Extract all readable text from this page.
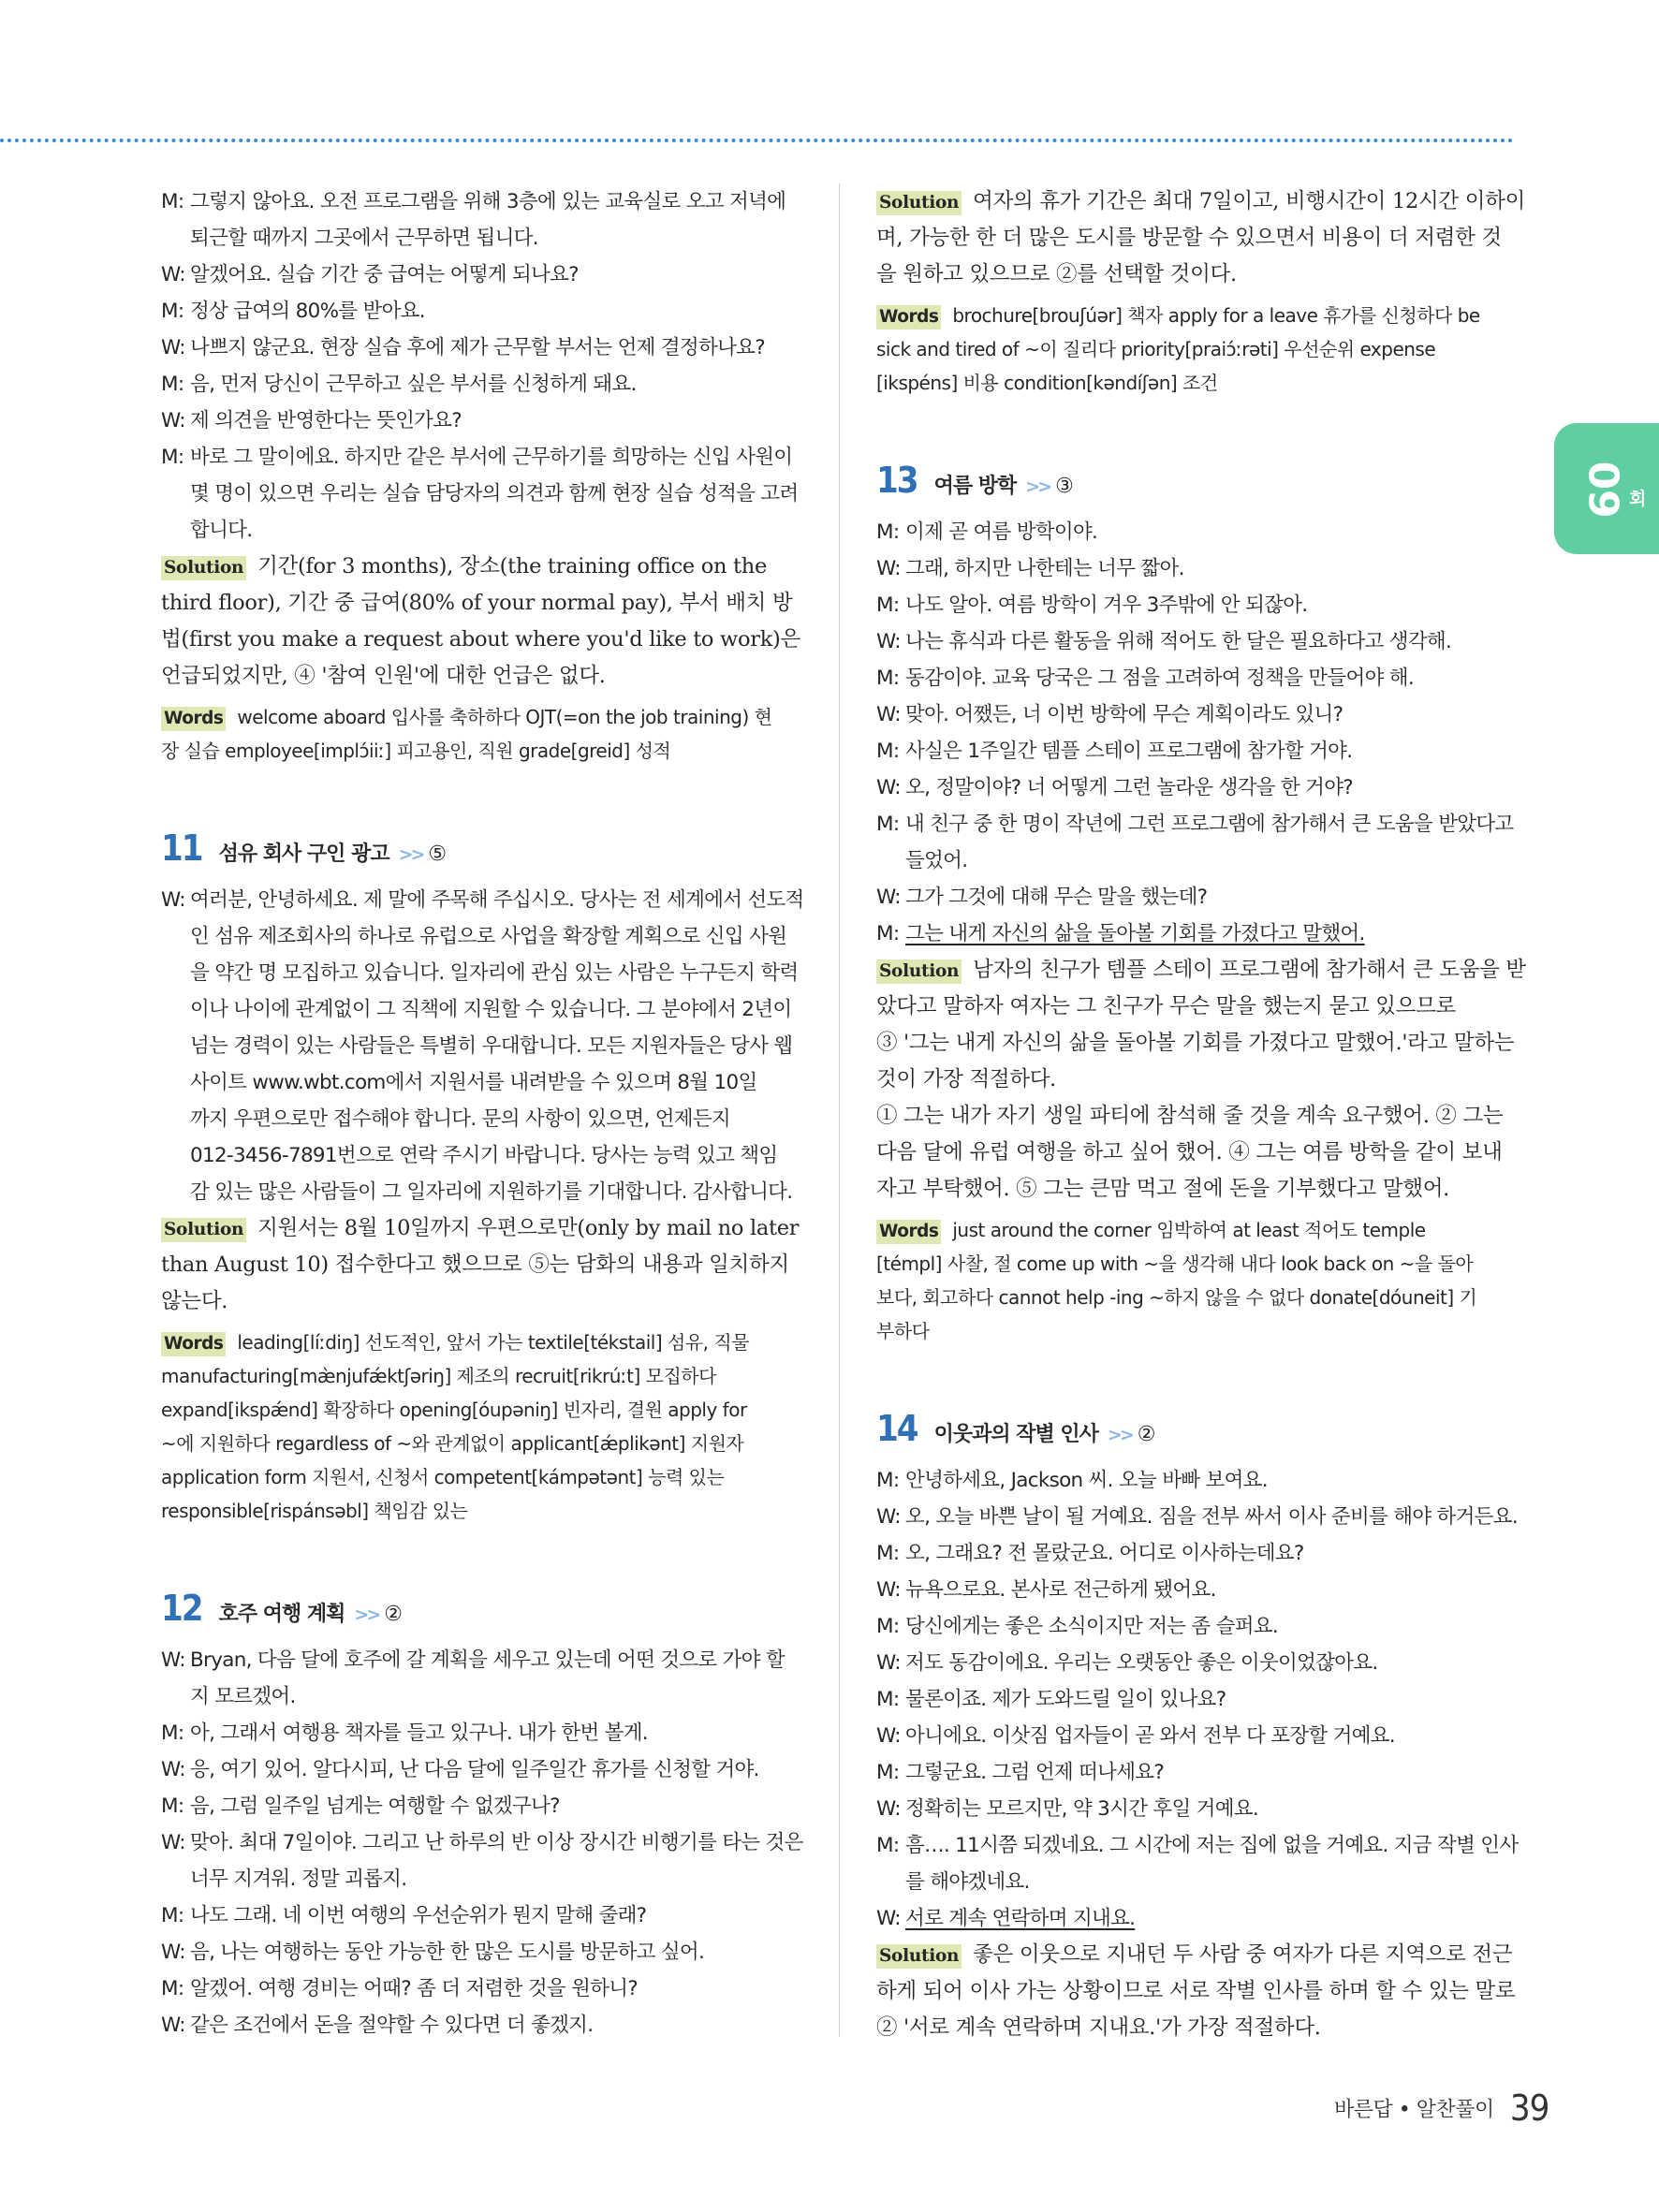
09 회
M: 그렇지 않아요. 오전 프로그램을 위해 3층에 있는 교육실로 오고 저녁에
퇴근할 때까지 그곳에서 근무하면 됩니다.
W: 알겠어요. 실습 기간 중 급여는 어떻게 되나요?
M: 정상 급여의 80%를 받아요.
W: 나쁘지 않군요. 현장 실습 후에 제가 근무할 부서는 언제 결정하나요?
M: 음, 먼저 당신이 근무하고 싶은 부서를 신청하게 돼요.
W: 제 의견을 반영한다는 뜻인가요?
M: 바로 그 말이에요. 하지만 같은 부서에 근무하기를 희망하는 신입 사원이
몇 명이 있으면 우리는 실습 담당자의 의견과 함께 현장 실습 성적을 고려
합니다.
Solution 기간(for 3 months), 장소(the training office on the
third floor), 기간 중 급여(80% of your normal pay), 부서 배치 방
법(first you make a request about where you'd like to work)은
언급되었지만, ④ '참여 인원'에 대한 언급은 없다.
Words welcome aboard 입사를 축하하다 OJT(=on the job training) 현
장 실습 employee[implɔ́iiː] 피고용인, 직원 grade[greid] 성적
11 섬유 회사 구인 광고 >> ⑤
W: 여러분, 안녕하세요. 제 말에 주목해 주십시오. 당사는 전 세계에서 선도적
인 섬유 제조회사의 하나로 유럽으로 사업을 확장할 계획으로 신입 사원
을 약간 명 모집하고 있습니다. 일자리에 관심 있는 사람은 누구든지 학력
이나 나이에 관계없이 그 직책에 지원할 수 있습니다. 그 분야에서 2년이
넘는 경력이 있는 사람들은 특별히 우대합니다. 모든 지원자들은 당사 웹
사이트 www.wbt.com에서 지원서를 내려받을 수 있으며 8월 10일
까지 우편으로만 접수해야 합니다. 문의 사항이 있으면, 언제든지
012-3456-7891번으로 연락 주시기 바랍니다. 당사는 능력 있고 책임
감 있는 많은 사람들이 그 일자리에 지원하기를 기대합니다. 감사합니다.
Solution 지원서는 8월 10일까지 우편으로만(only by mail no later
than August 10) 접수한다고 했으므로 ⑤는 담화의 내용과 일치하지
않는다.
Words leading[líːdiŋ] 선도적인, 앞서 가는 textile[tékstail] 섬유, 직물
manufacturing[mæ̀njufǽktʃəriŋ] 제조의 recruit[rikrúːt] 모집하다
expand[ikspǽnd] 확장하다 opening[óupəniŋ] 빈자리, 결원 apply for
~에 지원하다 regardless of ~와 관계없이 applicant[ǽplikənt] 지원자
application form 지원서, 신청서 competent[kámpətənt] 능력 있는
responsible[rispánsəbl] 책임감 있는
12 호주 여행 계획 >> ②
W: Bryan, 다음 달에 호주에 갈 계획을 세우고 있는데 어떤 것으로 가야 할
지 모르겠어.
M: 아, 그래서 여행용 책자를 들고 있구나. 내가 한번 볼게.
W: 응, 여기 있어. 알다시피, 난 다음 달에 일주일간 휴가를 신청할 거야.
M: 음, 그럼 일주일 넘게는 여행할 수 없겠구나?
W: 맞아. 최대 7일이야. 그리고 난 하루의 반 이상 장시간 비행기를 타는 것은
너무 지겨워. 정말 괴롭지.
M: 나도 그래. 네 이번 여행의 우선순위가 뭔지 말해 줄래?
W: 음, 나는 여행하는 동안 가능한 한 많은 도시를 방문하고 싶어.
M: 알겠어. 여행 경비는 어때? 좀 더 저렴한 것을 원하니?
W: 같은 조건에서 돈을 절약할 수 있다면 더 좋겠지.
Solution 여자의 휴가 기간은 최대 7일이고, 비행시간이 12시간 이하이
며, 가능한 한 더 많은 도시를 방문할 수 있으면서 비용이 더 저렴한 것
을 원하고 있으므로 ②를 선택할 것이다.
Words brochure[brouʃúər] 책자 apply for a leave 휴가를 신청하다 be
sick and tired of ~이 질리다 priority[praiɔ́ːrəti] 우선순위 expense
[ikspéns] 비용 condition[kəndíʃən] 조건
13 여름 방학 >> ③
M: 이제 곧 여름 방학이야.
W: 그래, 하지만 나한테는 너무 짧아.
M: 나도 알아. 여름 방학이 겨우 3주밖에 안 되잖아.
W: 나는 휴식과 다른 활동을 위해 적어도 한 달은 필요하다고 생각해.
M: 동감이야. 교육 당국은 그 점을 고려하여 정책을 만들어야 해.
W: 맞아. 어쨌든, 너 이번 방학에 무슨 계획이라도 있니?
M: 사실은 1주일간 템플 스테이 프로그램에 참가할 거야.
W: 오, 정말이야? 너 어떻게 그런 놀라운 생각을 한 거야?
M: 내 친구 중 한 명이 작년에 그런 프로그램에 참가해서 큰 도움을 받았다고
들었어.
W: 그가 그것에 대해 무슨 말을 했는데?
M: 그는 내게 자신의 삶을 돌아볼 기회를 가졌다고 말했어.
Solution 남자의 친구가 템플 스테이 프로그램에 참가해서 큰 도움을 받
았다고 말하자 여자는 그 친구가 무슨 말을 했는지 묻고 있으므로
③ '그는 내게 자신의 삶을 돌아볼 기회를 가졌다고 말했어.'라고 말하는
것이 가장 적절하다.
① 그는 내가 자기 생일 파티에 참석해 줄 것을 계속 요구했어. ② 그는
다음 달에 유럽 여행을 하고 싶어 했어. ④ 그는 여름 방학을 같이 보내
자고 부탁했어. ⑤ 그는 큰맘 먹고 절에 돈을 기부했다고 말했어.
Words just around the corner 임박하여 at least 적어도 temple
[témpl] 사찰, 절 come up with ~을 생각해 내다 look back on ~을 돌아
보다, 회고하다 cannot help -ing ~하지 않을 수 없다 donate[dóuneit] 기
부하다
14 이웃과의 작별 인사 >> ②
M: 안녕하세요, Jackson 씨. 오늘 바빠 보여요.
W: 오, 오늘 바쁜 날이 될 거예요. 짐을 전부 싸서 이사 준비를 해야 하거든요.
M: 오, 그래요? 전 몰랐군요. 어디로 이사하는데요?
W: 뉴욕으로요. 본사로 전근하게 됐어요.
M: 당신에게는 좋은 소식이지만 저는 좀 슬퍼요.
W: 저도 동감이에요. 우리는 오랫동안 좋은 이웃이었잖아요.
M: 물론이죠. 제가 도와드릴 일이 있나요?
W: 아니에요. 이삿짐 업자들이 곧 와서 전부 다 포장할 거예요.
M: 그렇군요. 그럼 언제 떠나세요?
W: 정확히는 모르지만, 약 3시간 후일 거예요.
M: 흠…. 11시쯤 되겠네요. 그 시간에 저는 집에 없을 거예요. 지금 작별 인사
를 해야겠네요.
W: 서로 계속 연락하며 지내요.
Solution 좋은 이웃으로 지내던 두 사람 중 여자가 다른 지역으로 전근
하게 되어 이사 가는 상황이므로 서로 작별 인사를 하며 할 수 있는 말로
② '서로 계속 연락하며 지내요.'가 가장 적절하다.
바른답 • 알찬풀이 39
